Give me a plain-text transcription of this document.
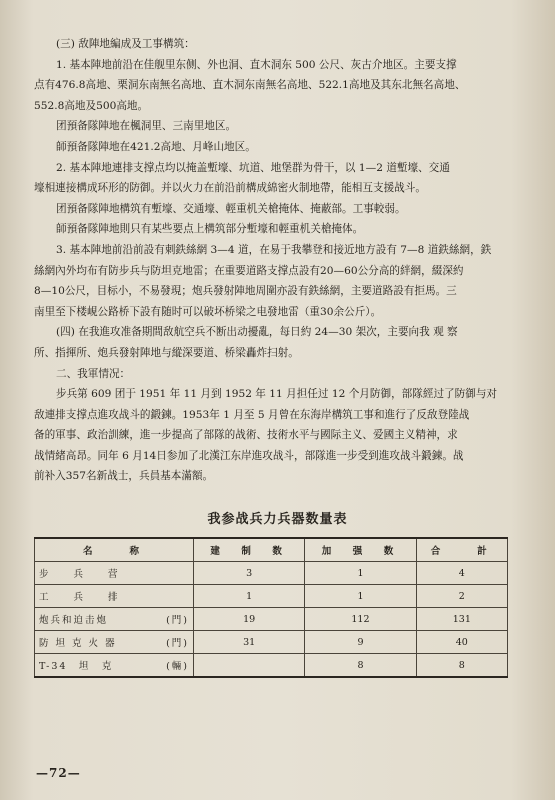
(三) 敌陣地編成及工事構筑：
1. 基本陣地前沿在佳舰里东侧、外也洞、直木洞东 500 公尺、灰古介地区。主要支撑
点有476.8高地、栗洞东南無名高地、直木洞东南無名高地、522.1高地及其东北無名高地、
552.8高地及500高地。
团預备隊陣地在楓洞里、三南里地区。
師預备隊陣地在421.2高地、月峰山地区。
2. 基本陣地連排支撑点均以掩盖塹壕、坑道、地堡群为骨干，以 1—2 道塹壕、交通
壕相連接構成环形的防御。并以火力在前沿前構成綿密火制地帶，能相互支援战斗。
团預备隊陣地構筑有塹壕、交通壕、輕重机关槍掩体、掩蔽部。工事較弱。
師預备隊陣地則只有某些要点上構筑部分塹壕和輕重机关槍掩体。
3. 基本陣地前沿前設有刺鉄絲網 3—4 道，在易于我攀登和接近地方設有 7—8 道鉄絲網，鉄
絲網內外均布有防步兵与防坦克地雷；在重要道路支撑点設有20—60公分高的絆網，綴深約
8—10公尺，目标小，不易發現；炮兵發射陣地周圍亦設有鉄絲網，主要道路設有拒馬。三
南里至下楼峴公路桥下設有随时可以破坏桥梁之电發地雷（重30余公斤）。
(四) 在我進攻准备期間敌航空兵不断出动擾亂，每日約 24—30 架次，主要向我 观 察
所、指揮所、炮兵發射陣地与縱深要道、桥梁轟炸扫射。
二、我軍情况：
步兵第 609 团于 1951 年 11 月到 1952 年 11 月担任过 12 个月防御，部隊經过了防御与对
敌連排支撑点進攻战斗的鍛鍊。1953年 1 月至 5 月曾在东海岸構筑工事和進行了反敌登陸战
备的軍事、政治訓練，進一步提高了部隊的战術、技術水平与國际主义、爱國主义精神，求
战情緒高昂。同年 6 月14日参加了北漢江东岸進攻战斗，部隊進一步受到進攻战斗鍛鍊。战
前补入357名新战士，兵員基本滿額。
我参战兵力兵器数量表
名　　称	建　制　数	加　强　数	合　　計
步　　兵　　营	3	1	4
工　　兵　　排	1	1	2
炮兵和迫击炮 (門)	19	112	131
防 坦 克 火 器 (門)	31	9	40
T-34　坦　克 (輛)		8	8
—72—
